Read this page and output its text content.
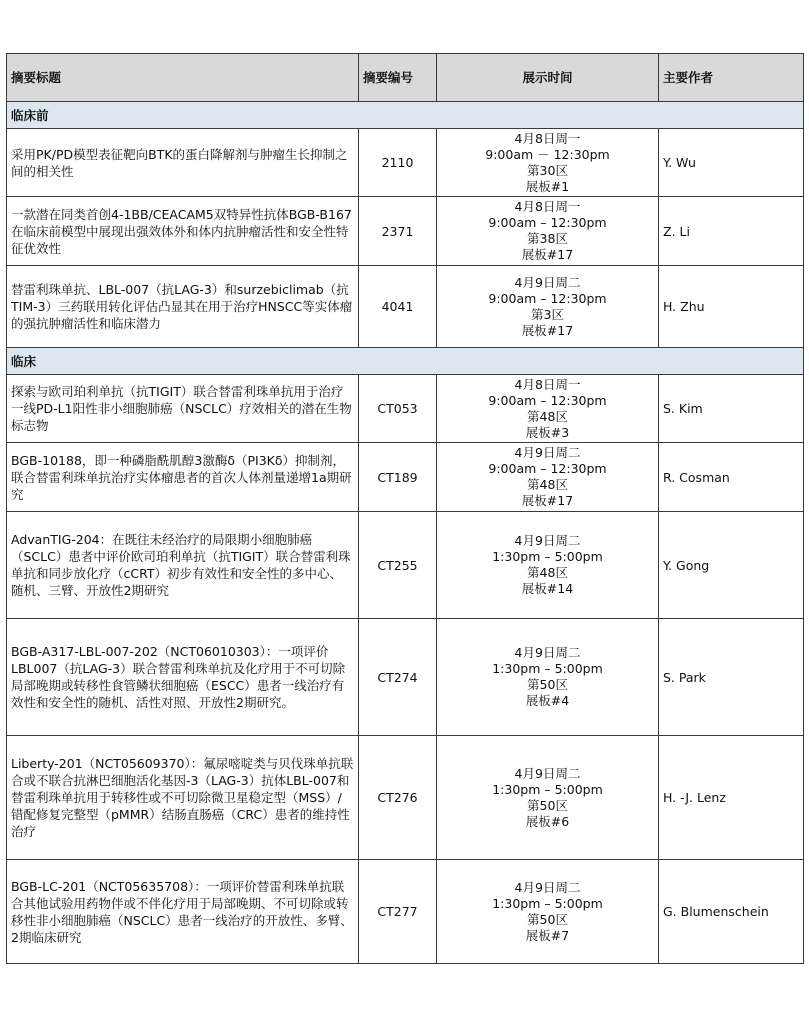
摘要标题	摘要编号	展示时间	主要作者
临床前			
采用PK/PD模型表征靶向BTK的蛋白降解剂与肿瘤生长抑制之间的相关性	2110	4月8日周一
9:00am － 12:30pm
第30区
展板#1	Y. Wu
一款潜在同类首创4-1BB/CEACAM5双特异性抗体BGB-B167在临床前模型中展现出强效体外和体内抗肿瘤活性和安全性特征优效性	2371	4月8日周一
9:00am – 12:30pm
第38区
展板#17	Z. Li
替雷利珠单抗、LBL-007（抗LAG-3）和surzebiclimab（抗TIM-3）三药联用转化评估凸显其在用于治疗HNSCC等实体瘤的强抗肿瘤活性和临床潜力	4041	4月9日周二
9:00am – 12:30pm
第3区
展板#17	H. Zhu
临床			
探索与欧司珀利单抗（抗TIGIT）联合替雷利珠单抗用于治疗一线PD-L1阳性非小细胞肺癌（NSCLC）疗效相关的潜在生物标志物	CT053	4月8日周一
9:00am – 12:30pm
第48区
展板#3	S. Kim
BGB-10188，即一种磷脂酰肌醇3激酶δ（PI3Kδ）抑制剂，联合替雷利珠单抗治疗实体瘤患者的首次人体剂量递增1a期研究	CT189	4月9日周二
9:00am – 12:30pm
第48区
展板#17	R. Cosman
AdvanTIG-204：在既往未经治疗的局限期小细胞肺癌（SCLC）患者中评价欧司珀利单抗（抗TIGIT）联合替雷利珠单抗和同步放化疗（cCRT）初步有效性和安全性的多中心、随机、三臂、开放性2期研究	CT255	4月9日周二
1:30pm – 5:00pm
第48区
展板#14	Y. Gong
BGB-A317-LBL-007-202（NCT06010303）：一项评价LBL007（抗LAG-3）联合替雷利珠单抗及化疗用于不可切除局部晚期或转移性食管鳞状细胞癌（ESCC）患者一线治疗有效性和安全性的随机、活性对照、开放性2期研究。	CT274	4月9日周二
1:30pm – 5:00pm
第50区
展板#4	S. Park
Liberty-201（NCT05609370）：氟尿嘧啶类与贝伐珠单抗联合或不联合抗淋巴细胞活化基因-3（LAG-3）抗体LBL-007和替雷利珠单抗用于转移性或不可切除微卫星稳定型（MSS）/错配修复完整型（pMMR）结肠直肠癌（CRC）患者的维持性治疗	CT276	4月9日周二
1:30pm – 5:00pm
第50区
展板#6	H. -J. Lenz
BGB-LC-201（NCT05635708）：一项评价替雷利珠单抗联合其他试验用药物伴或不伴化疗用于局部晚期、不可切除或转移性非小细胞肺癌（NSCLC）患者一线治疗的开放性、多臂、2期临床研究	CT277	4月9日周二
1:30pm – 5:00pm
第50区
展板#7	G. Blumenschein
